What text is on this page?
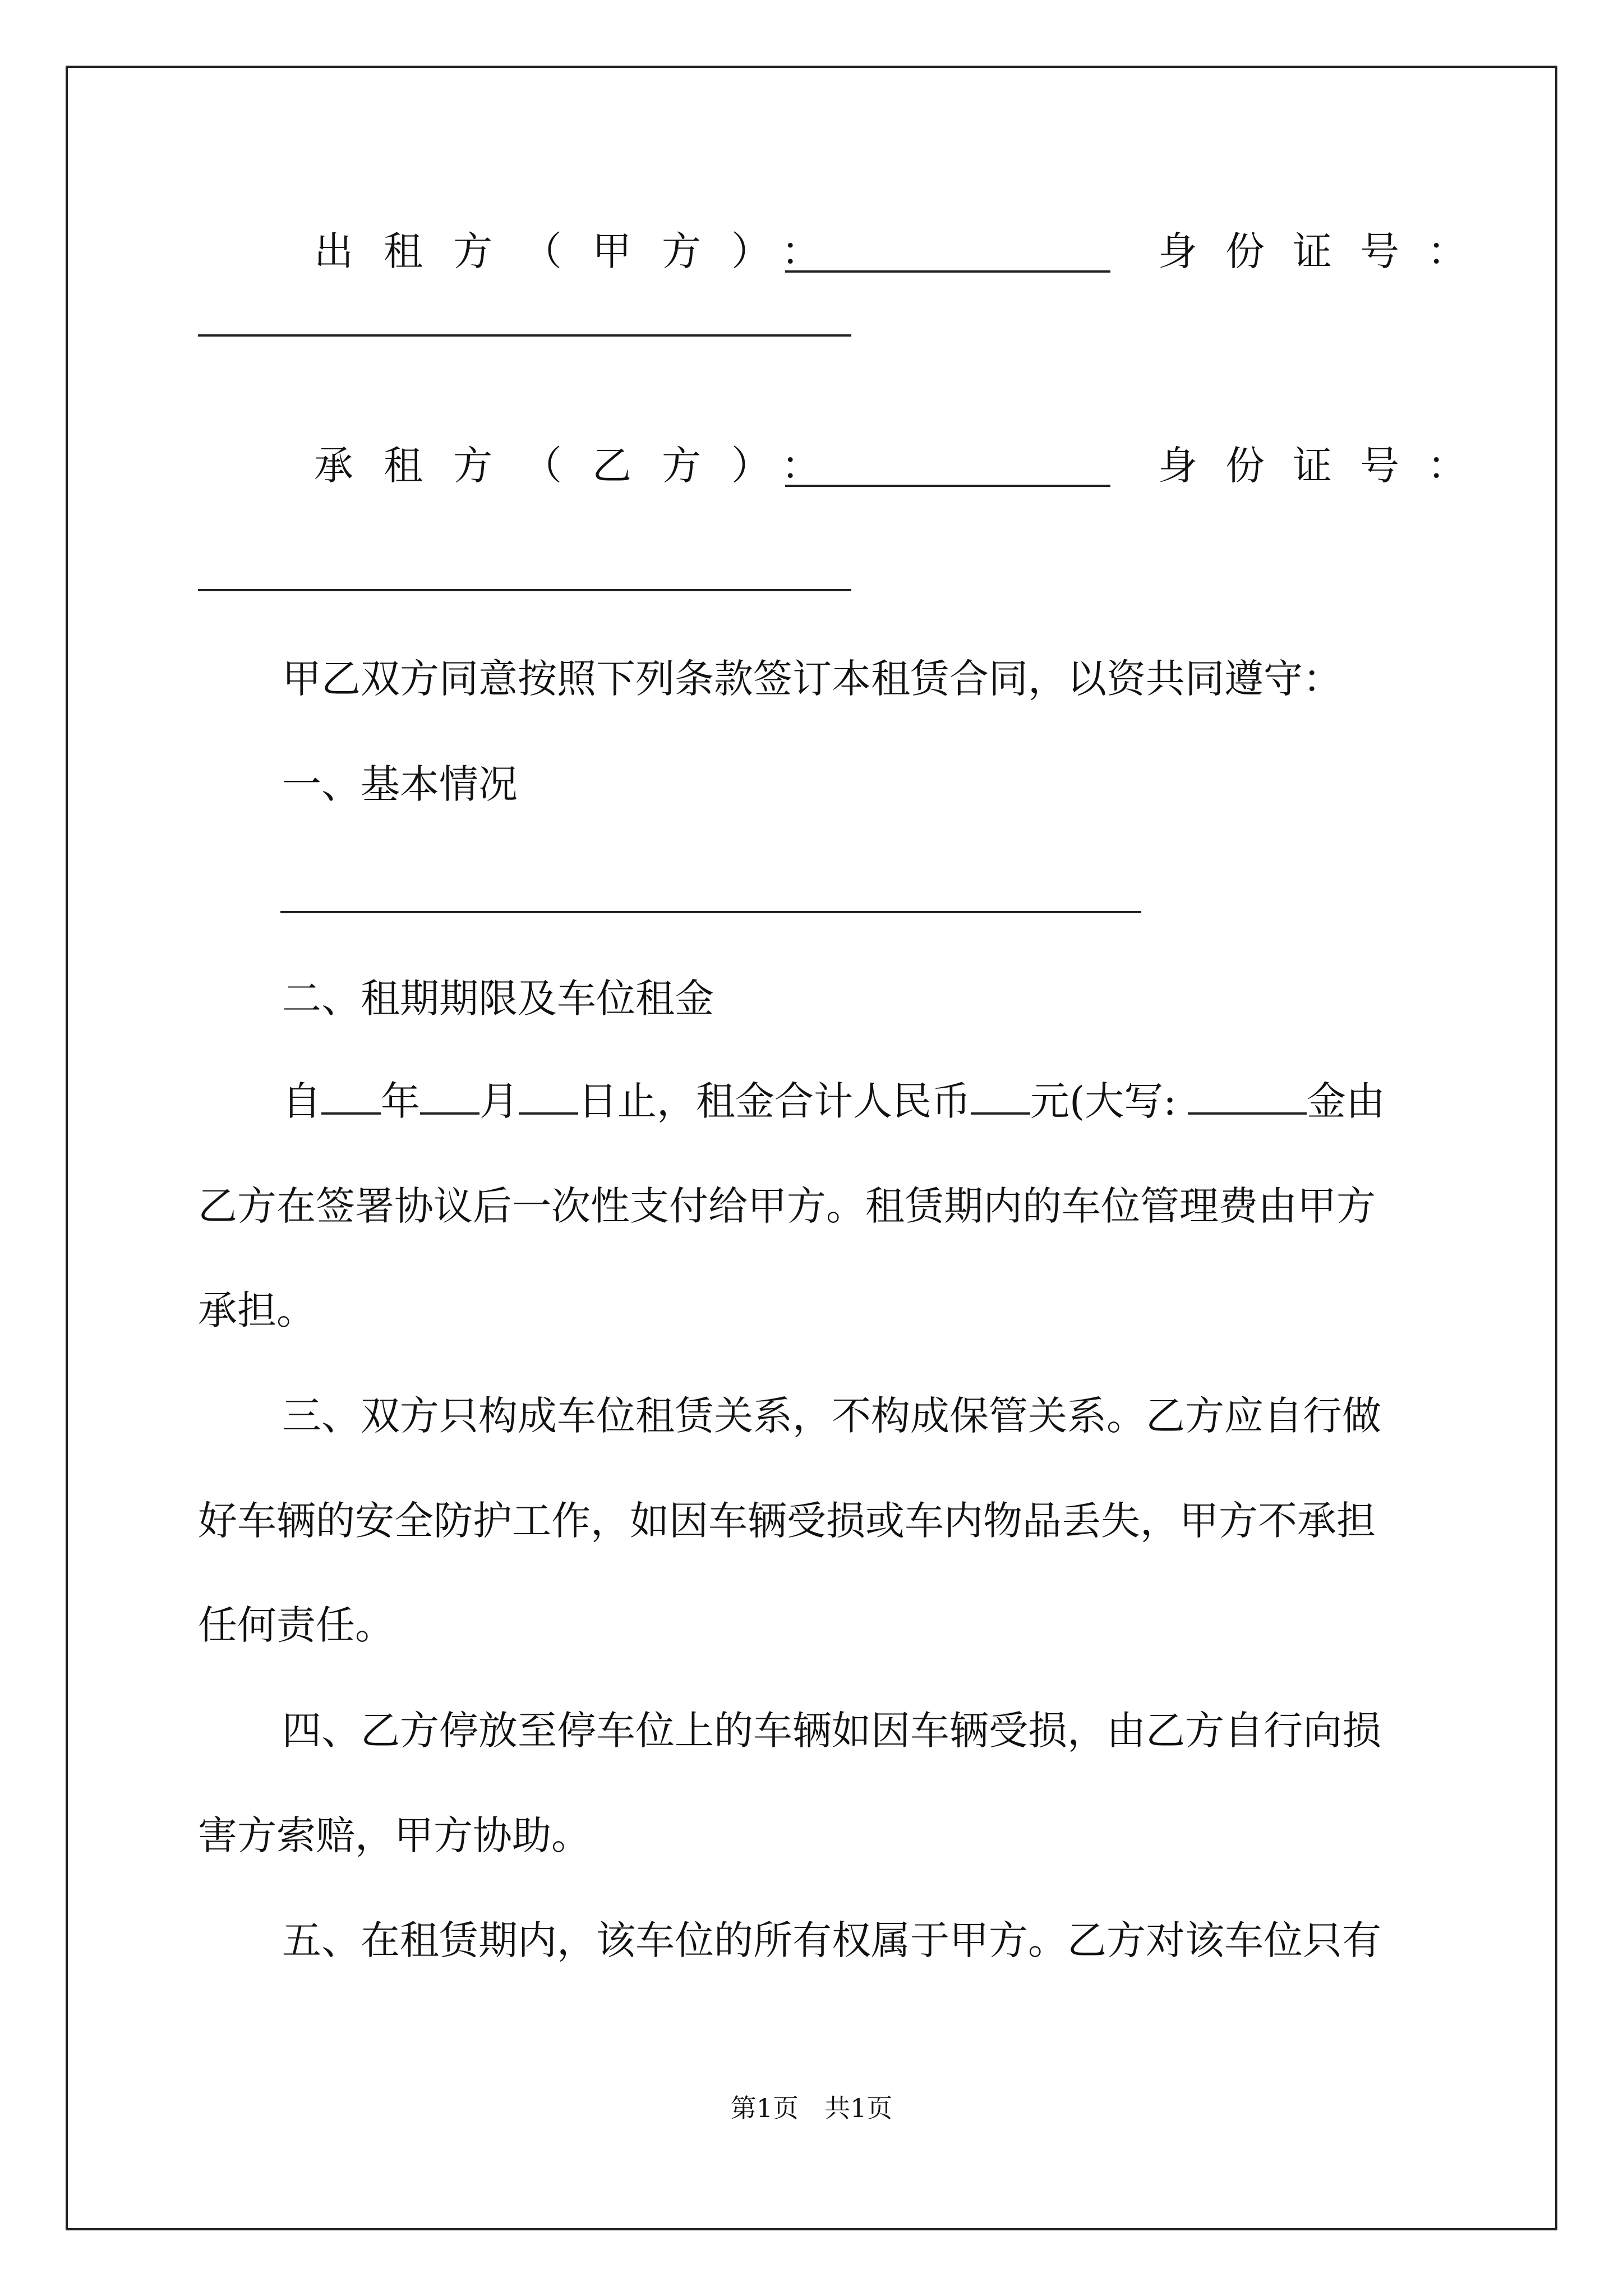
出租方（甲方）：	身份证号：
承租方（乙方）：	身份证号：
甲乙双方同意按照下列条款签订本租赁合同，以资共同遵守：
一、基本情况
二、租期期限及车位租金
自 年 月 日止，租金合计人民币 元(大写:	金由
乙方在签署协议后一次性支付给甲方。租赁期内的车位管理费由甲方
承担。
三、双方只构成车位租赁关系，不构成保管关系。乙方应自行做
好车辆的安全防护工作，如因车辆受损或车内物品丢失，甲方不承担
任何责任。
四、乙方停放至停车位上的车辆如因车辆受损，由乙方自行向损
害方索赔，甲方协助。
五、在租赁期内，该车位的所有权属于甲方。乙方对该车位只有
第1页 共1页
